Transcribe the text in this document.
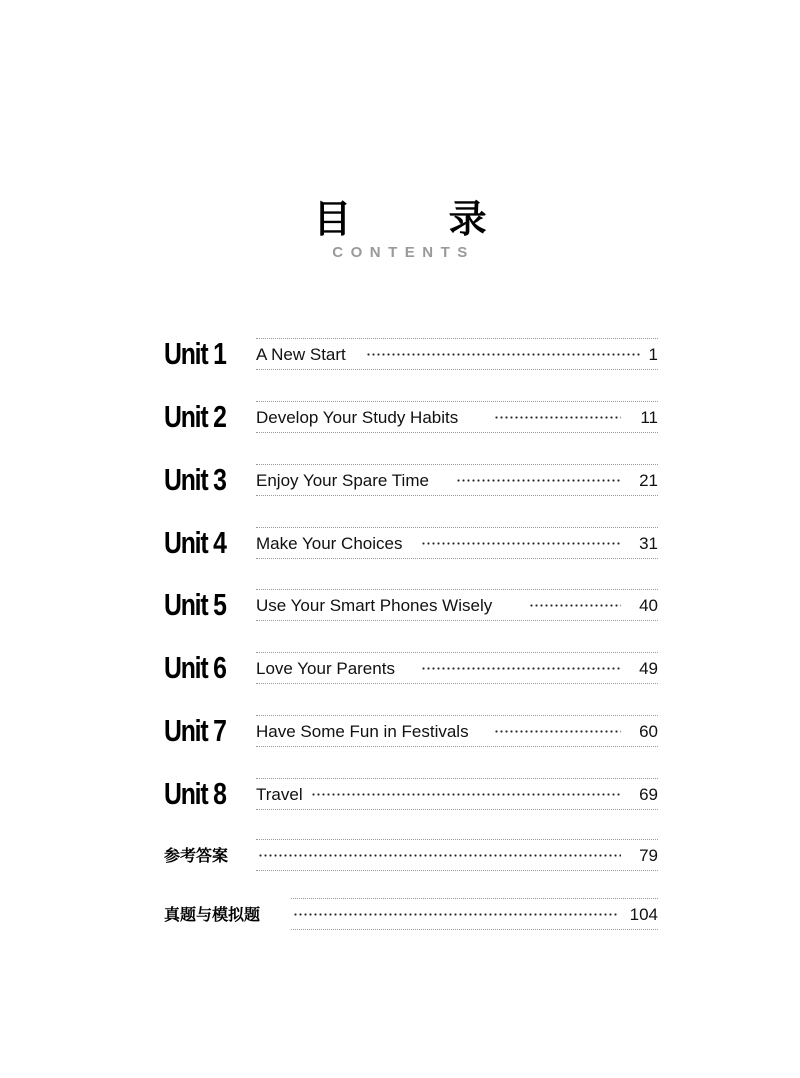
目 录
CONTENTS
Unit 1 A New Start	1
Unit 2 Develop Your Study Habits	11
Unit 3 Enjoy Your Spare Time	21
Unit 4 Make Your Choices	31
Unit 5 Use Your Smart Phones Wisely	40
Unit 6 Love Your Parents	49
Unit 7 Have Some Fun in Festivals	60
Unit 8 Travel	69
参考答案	79
真题与模拟题	104
